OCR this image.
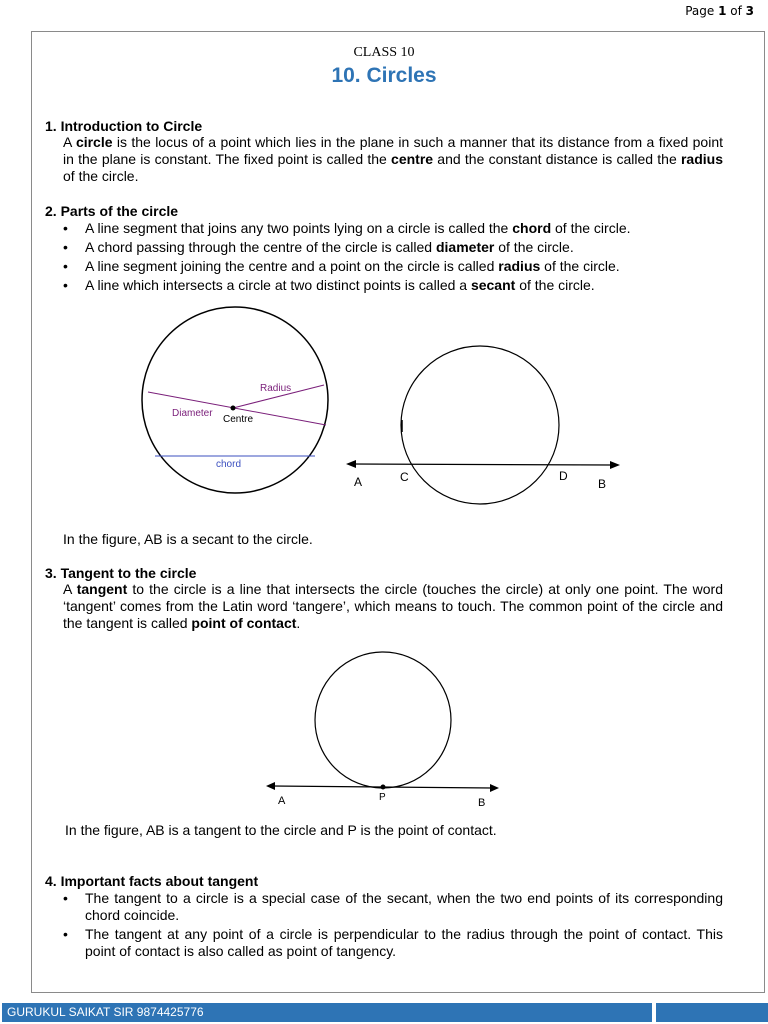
Page 1 of 3
CLASS 10
10. Circles
1. Introduction to Circle

A circle is the locus of a point which lies in the plane in such a manner that its distance from a fixed point in the plane is constant. The fixed point is called the centre and the constant distance is called the radius of the circle.

2. Parts of the circle
• A line segment that joins any two points lying on a circle is called the chord of the circle.
• A chord passing through the centre of the circle is called diameter of the circle.
• A line segment joining the centre and a point on the circle is called radius of the circle.
• A line which intersects a circle at two distinct points is called a secant of the circle.
Radius
Diameter
Centre
chord
A	C	D
B
In the figure, AB is a secant to the circle.
3. Tangent to the circle

A tangent to the circle is a line that intersects the circle (touches the circle) at only one point. The word ‘tangent’ comes from the Latin word ‘tangere’, which means to touch. The common point of the circle and the tangent is called point of contact.

A	P	B
In the figure, AB is a tangent to the circle and P is the point of contact.
4. Important facts about tangent
• The tangent to a circle is a special case of the secant, when the two end points of its corresponding chord coincide.
• The tangent at any point of a circle is perpendicular to the radius through the point of contact. This point of contact is also called as point of tangency.
GURUKUL SAIKAT SIR 9874425776
